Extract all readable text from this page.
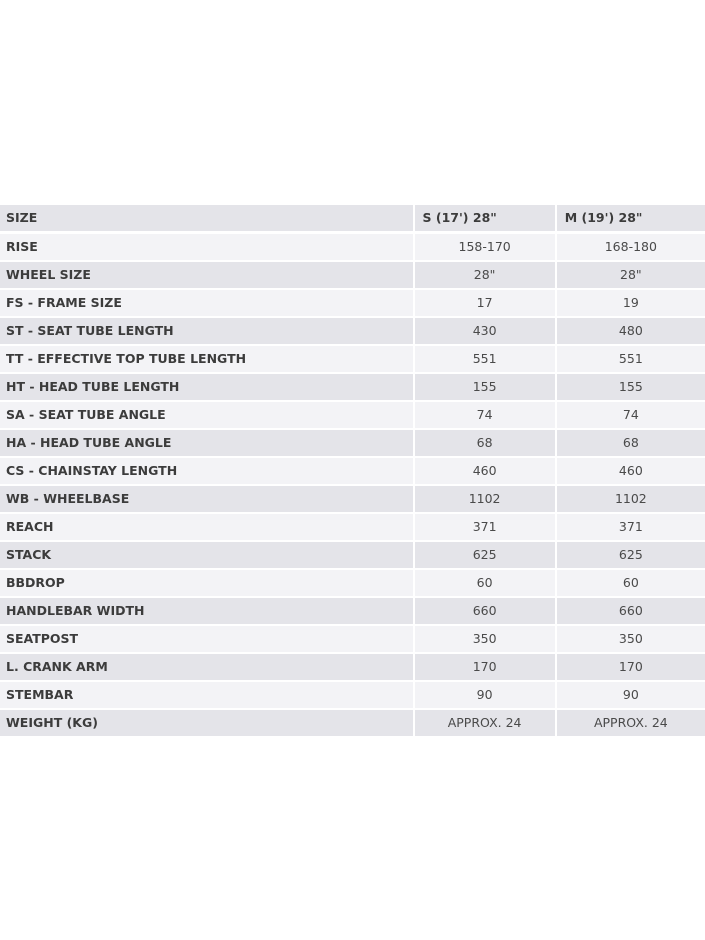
SIZE	S (17') 28"	M (19') 28"
RISE	158-170	168-180
WHEEL SIZE	28"	28"
FS - FRAME SIZE	17	19
ST - SEAT TUBE LENGTH	430	480
TT - EFFECTIVE TOP TUBE LENGTH	551	551
HT - HEAD TUBE LENGTH	155	155
SA - SEAT TUBE ANGLE	74	74
HA - HEAD TUBE ANGLE	68	68
CS - CHAINSTAY LENGTH	460	460
WB - WHEELBASE	1102	1102
REACH	371	371
STACK	625	625
BBDROP	60	60
HANDLEBAR WIDTH	660	660
SEATPOST	350	350
L. CRANK ARM	170	170
STEMBAR	90	90
WEIGHT (KG)	APPROX. 24	APPROX. 24
